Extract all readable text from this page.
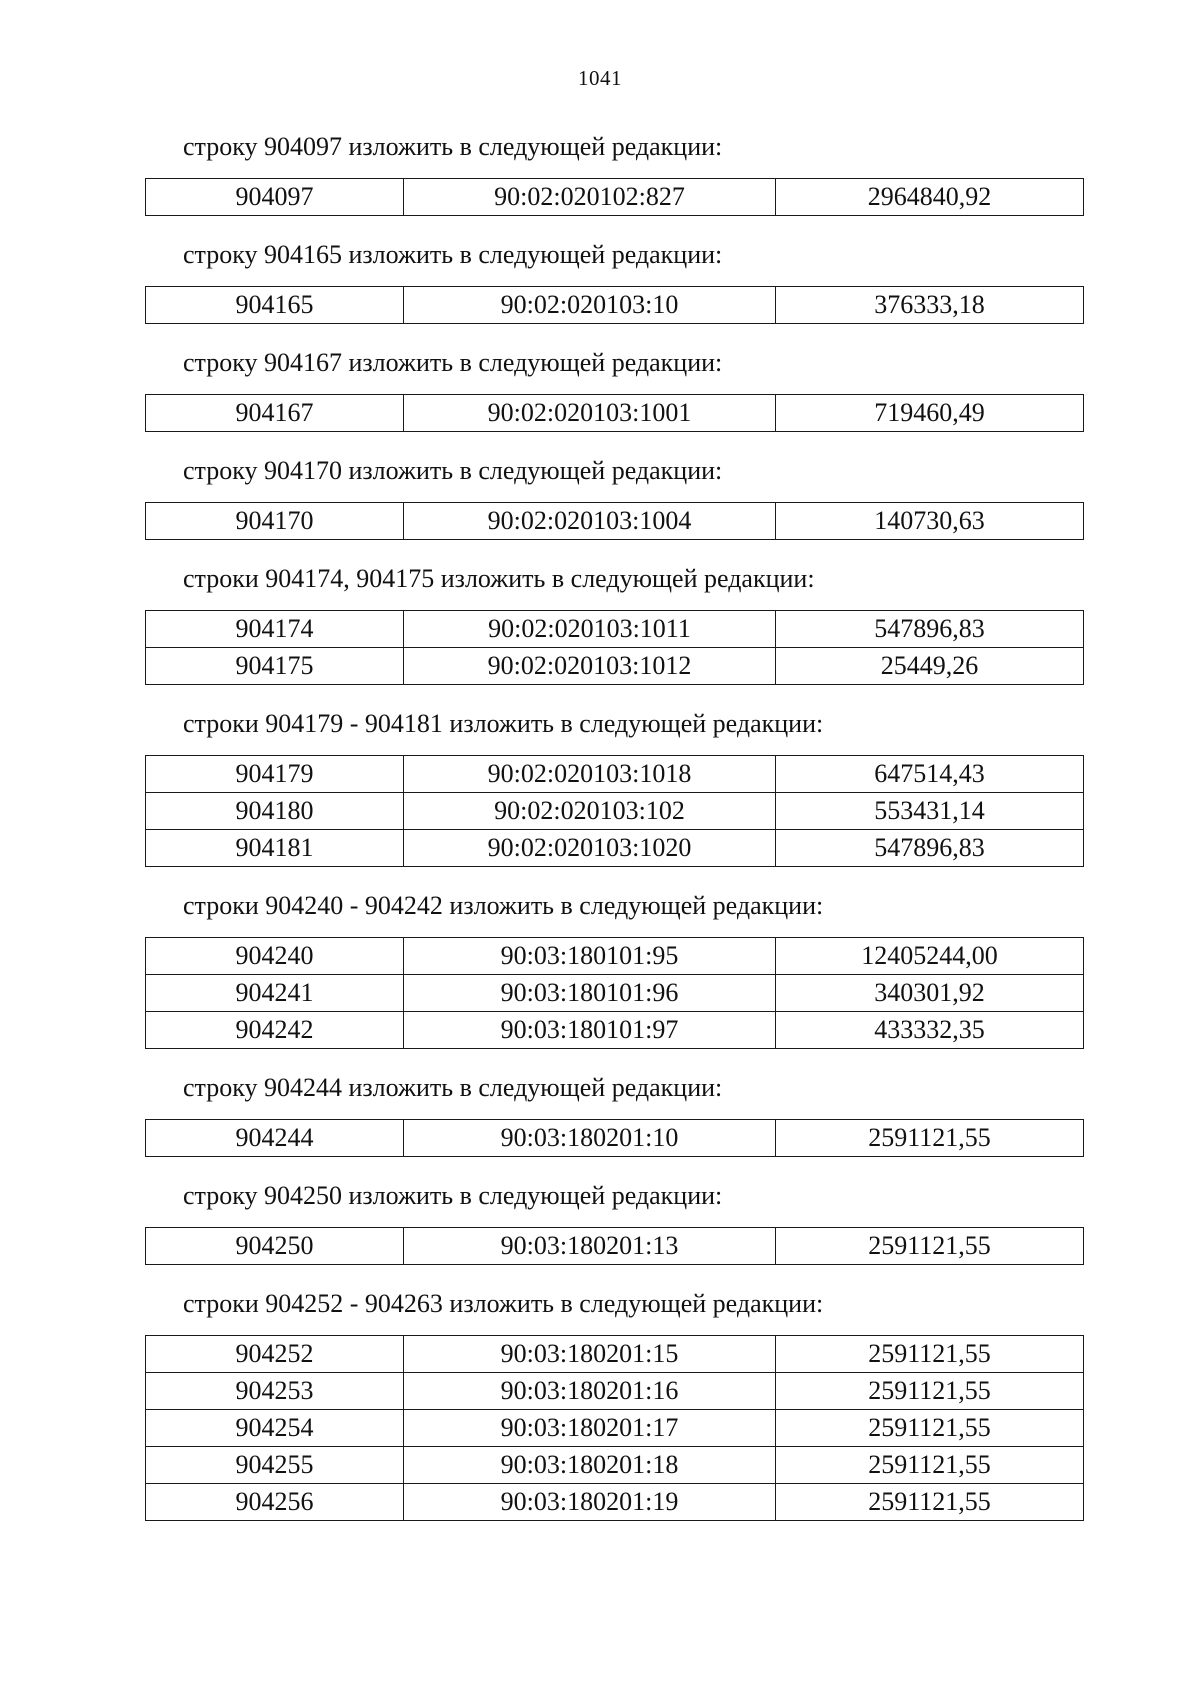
1041
строку 904097 изложить в следующей редакции:
904097	90:02:020102:827	2964840,92
строку 904165 изложить в следующей редакции:
904165	90:02:020103:10	376333,18
строку 904167 изложить в следующей редакции:
904167	90:02:020103:1001	719460,49
строку 904170 изложить в следующей редакции:
904170	90:02:020103:1004	140730,63
строки 904174, 904175 изложить в следующей редакции:
904174	90:02:020103:1011	547896,83
904175	90:02:020103:1012	25449,26
строки 904179 - 904181 изложить в следующей редакции:
904179	90:02:020103:1018	647514,43
904180	90:02:020103:102	553431,14
904181	90:02:020103:1020	547896,83
строки 904240 - 904242 изложить в следующей редакции:
904240	90:03:180101:95	12405244,00
904241	90:03:180101:96	340301,92
904242	90:03:180101:97	433332,35
строку 904244 изложить в следующей редакции:
904244	90:03:180201:10	2591121,55
строку 904250 изложить в следующей редакции:
904250	90:03:180201:13	2591121,55
строки 904252 - 904263 изложить в следующей редакции:
904252	90:03:180201:15	2591121,55
904253	90:03:180201:16	2591121,55
904254	90:03:180201:17	2591121,55
904255	90:03:180201:18	2591121,55
904256	90:03:180201:19	2591121,55
